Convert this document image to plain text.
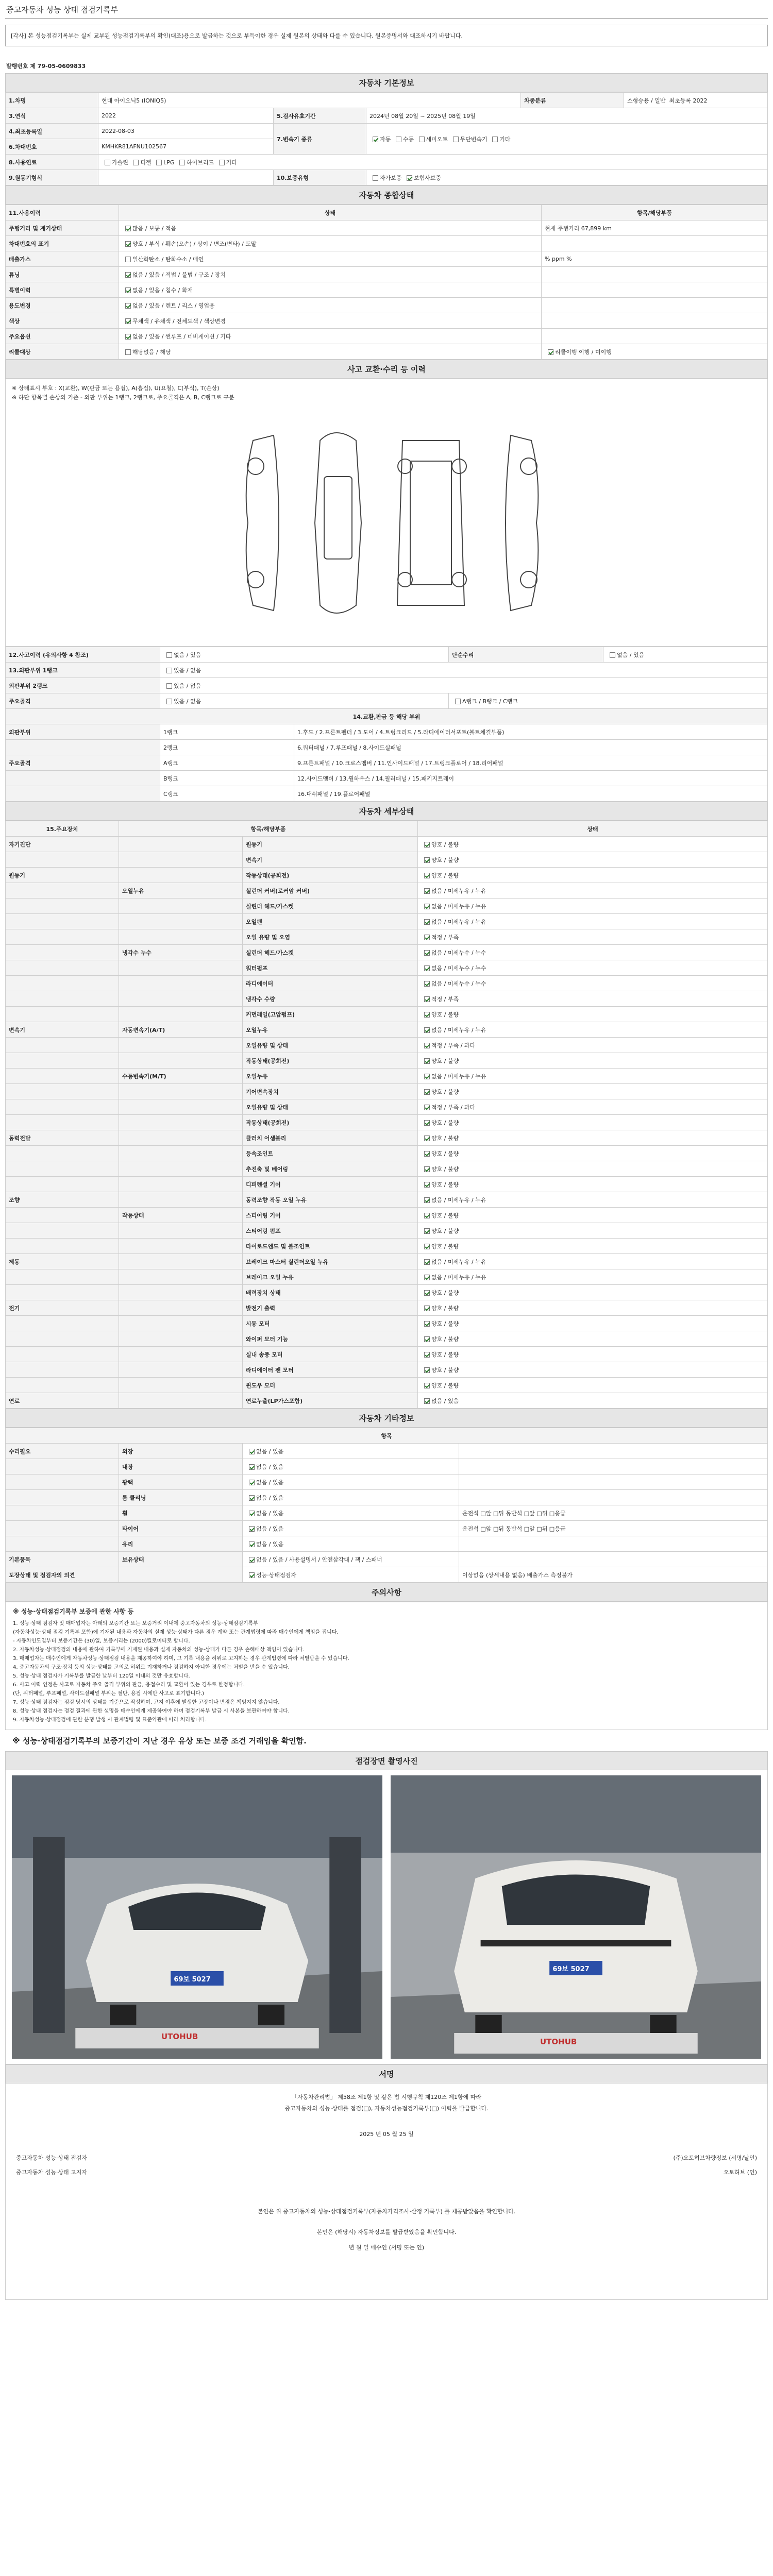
중고자동차 성능 상태 점검기록부
[각사] 본 성능점검기록부는 실제 교부된 성능점검기록부의 확인(대조)용으로 발급하는 것으로 부득이한 경우 실제 원본의 상태와 다를 수 있습니다. 원본증명서와 대조하시기 바랍니다.
발행번호 제 79-05-0609833
자동차 기본정보
1.차명	현대 아이오닉5 (IONIQ5)			차종분류	소형승용 / 일반 최초등록 2022
3.연식	2022	5.검사유효기간	2024년 08월 20일 ~ 2025년 08월 19일		
4.최초등록일	2022-08-03	7.변속기 종류	자동 수동 세미오토 무단변속기 기타		
6.차대번호	KMHKR81AFNU102567				
8.사용연료	가솔린 디젤 LPG 하이브리드 기타				
9.원동기형식		10.보증유형	자가보증 보험사보증		
자동차 종합상태
11.사용이력	상태	항목/해당부품
주행거리 및 계기상태	많음 / 보통 / 적음	현재 주행거리 67,899 km
차대번호의 표기	양호 / 부식 / 훼손(오손) / 상이 / 변조(변타) / 도말	
배출가스	일산화탄소 / 탄화수소 / 매연	% ppm %
튜닝	없음 / 있음 / 적법 / 불법 / 구조 / 장치	
특별이력	없음 / 있음 / 침수 / 화재	
용도변경	없음 / 있음 / 렌트 / 리스 / 영업용	
색상	무채색 / 유채색 / 전체도색 / 색상변경	
주요옵션	없음 / 있음 / 썬루프 / 네비게이션 / 기타	
리콜대상	해당없음 / 해당	리콜이행 이행 / 미이행
사고 교환·수리 등 이력
※ 상태표시 부호 : X(교환), W(판금 또는 용접), A(흠집), U(요철), C(부식), T(손상)
※ 하단 항목별 손상의 기준 - 외판 부위는 1랭크, 2랭크로, 주요골격은 A, B, C랭크로 구분
12.사고이력 (유의사항 4 참조)	없음 / 있음		단순수리	없음 / 있음
13.외판부위 1랭크	있음 / 없음			
외판부위 2랭크	있음 / 없음			
주요골격	있음 / 없음		A랭크 / B랭크 / C랭크	
14.교환,판금 등 해당 부위				
외판부위	1랭크	1.후드 / 2.프론트펜더 / 3.도어 / 4.트렁크리드 / 5.라디에이터서포트(볼트체결부품)		
	2랭크	6.쿼터패널 / 7.루프패널 / 8.사이드실패널		
주요골격	A랭크	9.프론트패널 / 10.크로스멤버 / 11.인사이드패널 / 17.트렁크플로어 / 18.리어패널		
	B랭크	12.사이드멤버 / 13.휠하우스 / 14.필러패널 / 15.패키지트레이		
	C랭크	16.대쉬패널 / 19.플로어패널		
자동차 세부상태
15.주요장치	항목/해당부품		상태
자기진단		원동기	양호 / 불량
		변속기	양호 / 불량
원동기		작동상태(공회전)	양호 / 불량
	오일누유	실린더 커버(로커암 커버)	없음 / 미세누유 / 누유
		실린더 헤드/가스켓	없음 / 미세누유 / 누유
		오일팬	없음 / 미세누유 / 누유
		오일 유량 및 오염	적정 / 부족
	냉각수 누수	실린더 헤드/가스켓	없음 / 미세누수 / 누수
		워터펌프	없음 / 미세누수 / 누수
		라디에이터	없음 / 미세누수 / 누수
		냉각수 수량	적정 / 부족
		커먼레일(고압펌프)	양호 / 불량
변속기	자동변속기(A/T)	오일누유	없음 / 미세누유 / 누유
		오일유량 및 상태	적정 / 부족 / 과다
		작동상태(공회전)	양호 / 불량
	수동변속기(M/T)	오일누유	없음 / 미세누유 / 누유
		기어변속장치	양호 / 불량
		오일유량 및 상태	적정 / 부족 / 과다
		작동상태(공회전)	양호 / 불량
동력전달		클러치 어셈블리	양호 / 불량
		등속조인트	양호 / 불량
		추진축 및 베어링	양호 / 불량
		디퍼렌셜 기어	양호 / 불량
조향		동력조향 작동 오일 누유	없음 / 미세누유 / 누유
	작동상태	스티어링 기어	양호 / 불량
		스티어링 펌프	양호 / 불량
		타이로드엔드 및 볼조인트	양호 / 불량
제동		브레이크 마스터 실린더오일 누유	없음 / 미세누유 / 누유
		브레이크 오일 누유	없음 / 미세누유 / 누유
		배력장치 상태	양호 / 불량
전기		발전기 출력	양호 / 불량
		시동 모터	양호 / 불량
		와이퍼 모터 기능	양호 / 불량
		실내 송풍 모터	양호 / 불량
		라디에이터 팬 모터	양호 / 불량
		윈도우 모터	양호 / 불량
연료		연료누출(LP가스포함)	없음 / 있음
자동차 기타정보
항목			
수리필요	외장	없음 / 있음	
	내장	없음 / 있음	
	광택	없음 / 있음	
	룸 클리닝	없음 / 있음	
	휠	없음 / 있음	운전석 □앞 □뒤 동반석 □앞 □뒤 □응급
	타이어	없음 / 있음	운전석 □앞 □뒤 동반석 □앞 □뒤 □응급
	유리	없음 / 있음	
기본품목	보유상태	없음 / 있음 / 사용설명서 / 안전삼각대 / 잭 / 스패너	
도장상태 및 점검자의 의견		성능·상태점검자	이상없음 (상세내용 없음) 배출가스 측정불가
주의사항
※ 성능·상태점검기록부 보증에 관한 사항 등
1. 성능·상태 점검자 및 매매업자는 아래의 보증기간 또는 보증거리 이내에 중고자동차의 성능·상태점검기록부
(자동차성능·상태 점검 기록부 포함)에 기재된 내용과 자동차의 실제 성능·상태가 다른 경우 계약 또는 관계법령에 따라 매수인에게 책임을 집니다.
- 자동차인도일부터 보증기간은 (30)일, 보증거리는 (2000)킬로미터로 합니다.
2. 자동차성능·상태점검의 내용에 관하여 기록부에 기재된 내용과 실제 자동차의 성능·상태가 다른 경우 손해배상 책임이 있습니다.
3. 매매업자는 매수인에게 자동차성능·상태점검 내용을 제공하여야 하며, 그 기록 내용을 허위로 고지하는 경우 관계법령에 따라 처벌받을 수 있습니다.
4. 중고자동차의 구조·장치 등의 성능·상태를 고의로 허위로 기재하거나 점검하지 아니한 경우에는 처벌을 받을 수 있습니다.
5. 성능·상태 점검자가 기록부를 발급한 날부터 120일 이내의 것만 유효합니다.
6. 사고 이력 인정은 사고로 자동차 주요 골격 부위의 판금, 용접수리 및 교환이 있는 경우로 한정합니다.
(단, 쿼터패널, 루프패널, 사이드실패널 부위는 절단, 용접 시에만 사고로 표기합니다.)
7. 성능·상태 점검자는 점검 당시의 상태를 기준으로 작성하며, 고지 이후에 발생한 고장이나 변경은 책임지지 않습니다.
8. 성능·상태 점검자는 점검 결과에 관한 설명을 매수인에게 제공하여야 하며 점검기록부 발급 시 사본을 보관하여야 합니다.
9. 자동차성능·상태점검에 관한 분쟁 발생 시 관계법령 및 표준약관에 따라 처리합니다.
※ 성능·상태점검기록부의 보증기간이 지난 경우 유상 또는 보증 조건 거래임을 확인함.
점검장면 촬영사진
69보 5027
UTOHUB
69보 5027
UTOHUB
서명
「자동차관리법」 제58조 제1항 및 같은 법 시행규칙 제120조 제1항에 따라
중고자동차의 성능·상태를 점검(□), 자동차성능점검기록부(□) 이력을 발급합니다.
2025 년 05 월 25 일
중고자동차 성능·상태 점검자	(주)오토허브차량정보 (서명/날인)
중고자동차 성능·상태 고지자	오토허브 (인)
본인은 위 중고자동차의 성능·상태점검기록부(자동차가격조사·산정 기록부) 를 제공받았음을 확인합니다.
본인은 (해당시) 자동차정보를 발급받았음을 확인합니다.
년 월 일 매수인 (서명 또는 인)
